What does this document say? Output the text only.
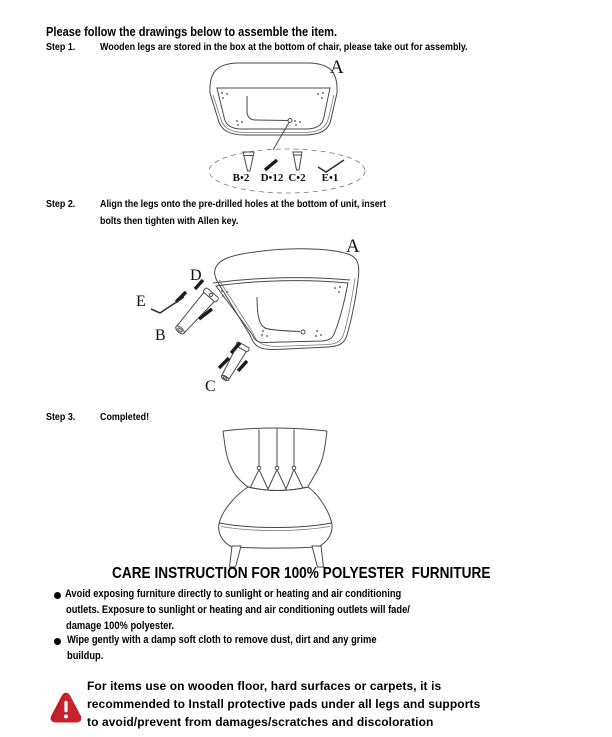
Please follow the drawings below to assemble the item.
Step 1.	Wooden legs are stored in the box at the bottom of chair, please take out for assembly.
A
B•2 D•12 C•2 E•1
Step 2.	Align the legs onto the pre-drilled holes at the bottom of unit, insert
bolts then tighten with Allen key.
A
D
E
B
C
Step 3.	Completed!
CARE INSTRUCTION FOR 100% POLYESTER  FURNITURE
Avoid exposing furniture directly to sunlight or heating and air conditioning
outlets. Exposure to sunlight or heating and air conditioning outlets will fade/
damage 100% polyester.
Wipe gently with a damp soft cloth to remove dust, dirt and any grime
buildup.
For items use on wooden floor, hard surfaces or carpets, it is
recommended to Install protective pads under all legs and supports
to avoid/prevent from damages/scratches and discoloration
